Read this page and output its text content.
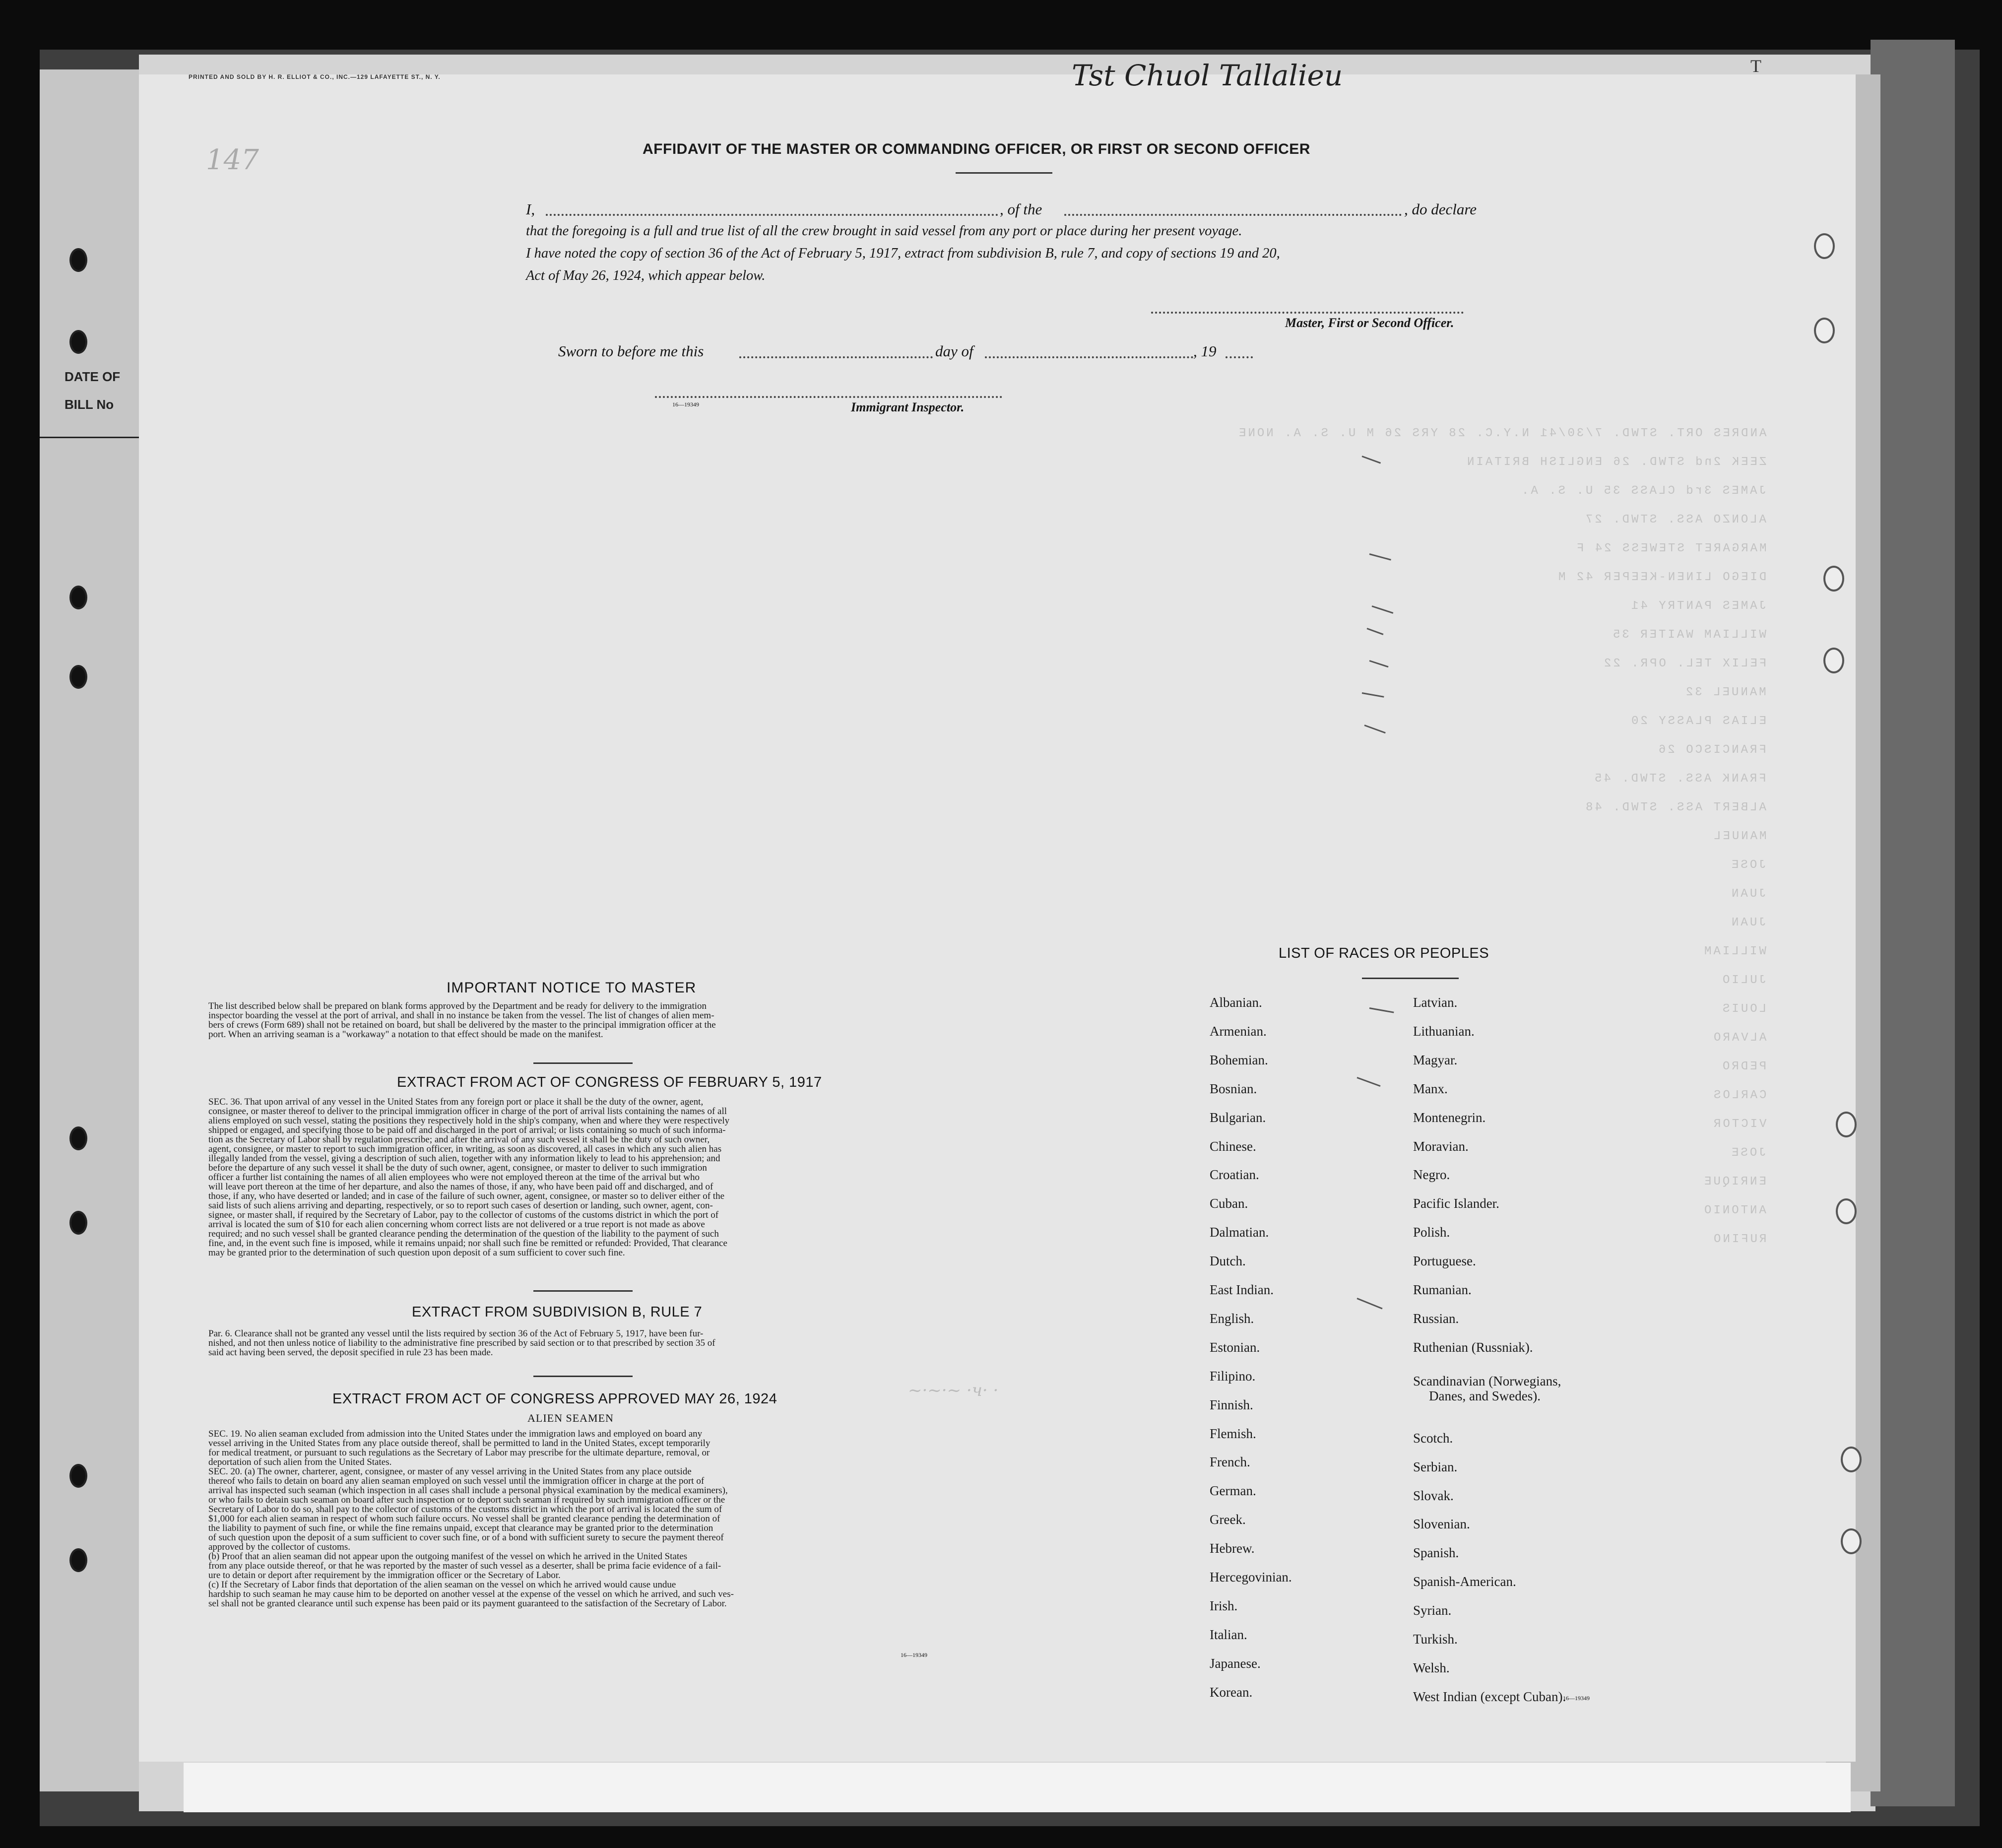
DATE OF
BILL No
ANDRES ORT. STWD. 7/30/41 N.Y.C. 28 YRS 26 M U. S. A. NONE
ZEEK 2nd STWD. 26 ENGLISH BRITAIN
JAMES 3rd CLASS 35 U. S. A.
ALONZO ASS. STWD. 27
MARGARET STEWESS 24 F
DIEGO LINEN-KEEPER 42 M
JAMES PANTRY 41
WILLIAM WAITER 35
FELIX TEL. OPR. 22
MANUEL 32
ELIAS PLASSY 20
FRANCISCO 26
FRANK ASS. STWD. 45
ALBERT ASS. STWD. 48
MANUEL
JOSE
JUAN
JUAN
WILLIAM
JULIO
LOUIS
ALVARO
PEDRO
CARLOS
VICTOR
JOSE
ENRIQUE
ANTONIO
RUFINO
PRINTED AND SOLD BY H. R. ELLIOT & CO., INC.—129 LAFAYETTE ST., N. Y.	Tst Chuol Tallalieu	T
147	AFFIDAVIT OF THE MASTER OR COMMANDING OFFICER, OR FIRST OR SECOND OFFICER
I,	, of the	, do declare
that the foregoing is a full and true list of all the crew brought in said vessel from any port or place during her present voyage.
I have noted the copy of section 36 of the Act of February 5, 1917, extract from subdivision B, rule 7, and copy of sections 19 and 20,
Act of May 26, 1924, which appear below.
Master, First or Second Officer.
Sworn to before me this	day of	, 19
16—19349	Immigrant Inspector.
IMPORTANT NOTICE TO MASTER
The list described below shall be prepared on blank forms approved by the Department and be ready for delivery to the immigration
inspector boarding the vessel at the port of arrival, and shall in no instance be taken from the vessel. The list of changes of alien mem-
bers of crews (Form 689) shall not be retained on board, but shall be delivered by the master to the principal immigration officer at the
port. When an arriving seaman is a "workaway" a notation to that effect should be made on the manifest.
EXTRACT FROM ACT OF CONGRESS OF FEBRUARY 5, 1917
SEC. 36. That upon arrival of any vessel in the United States from any foreign port or place it shall be the duty of the owner, agent,
consignee, or master thereof to deliver to the principal immigration officer in charge of the port of arrival lists containing the names of all
aliens employed on such vessel, stating the positions they respectively hold in the ship's company, when and where they were respectively
shipped or engaged, and specifying those to be paid off and discharged in the port of arrival; or lists containing so much of such informa-
tion as the Secretary of Labor shall by regulation prescribe; and after the arrival of any such vessel it shall be the duty of such owner,
agent, consignee, or master to report to such immigration officer, in writing, as soon as discovered, all cases in which any such alien has
illegally landed from the vessel, giving a description of such alien, together with any information likely to lead to his apprehension; and
before the departure of any such vessel it shall be the duty of such owner, agent, consignee, or master to deliver to such immigration
officer a further list containing the names of all alien employees who were not employed thereon at the time of the arrival but who
will leave port thereon at the time of her departure, and also the names of those, if any, who have been paid off and discharged, and of
those, if any, who have deserted or landed; and in case of the failure of such owner, agent, consignee, or master so to deliver either of the
said lists of such aliens arriving and departing, respectively, or so to report such cases of desertion or landing, such owner, agent, con-
signee, or master shall, if required by the Secretary of Labor, pay to the collector of customs of the customs district in which the port of
arrival is located the sum of $10 for each alien concerning whom correct lists are not delivered or a true report is not made as above
required; and no such vessel shall be granted clearance pending the determination of the question of the liability to the payment of such
fine, and, in the event such fine is imposed, while it remains unpaid; nor shall such fine be remitted or refunded: Provided, That clearance
may be granted prior to the determination of such question upon deposit of a sum sufficient to cover such fine.
EXTRACT FROM SUBDIVISION B, RULE 7
Par. 6. Clearance shall not be granted any vessel until the lists required by section 36 of the Act of February 5, 1917, have been fur-
nished, and not then unless notice of liability to the administrative fine prescribed by said section or to that prescribed by section 35 of
said act having been served, the deposit specified in rule 23 has been made.
EXTRACT FROM ACT OF CONGRESS APPROVED MAY 26, 1924
ALIEN SEAMEN
SEC. 19. No alien seaman excluded from admission into the United States under the immigration laws and employed on board any
vessel arriving in the United States from any place outside thereof, shall be permitted to land in the United States, except temporarily
for medical treatment, or pursuant to such regulations as the Secretary of Labor may prescribe for the ultimate departure, removal, or
deportation of such alien from the United States.
SEC. 20. (a) The owner, charterer, agent, consignee, or master of any vessel arriving in the United States from any place outside
thereof who fails to detain on board any alien seaman employed on such vessel until the immigration officer in charge at the port of
arrival has inspected such seaman (which inspection in all cases shall include a personal physical examination by the medical examiners),
or who fails to detain such seaman on board after such inspection or to deport such seaman if required by such immigration officer or the
Secretary of Labor to do so, shall pay to the collector of customs of the customs district in which the port of arrival is located the sum of
$1,000 for each alien seaman in respect of whom such failure occurs. No vessel shall be granted clearance pending the determination of
the liability to payment of such fine, or while the fine remains unpaid, except that clearance may be granted prior to the determination
of such question upon the deposit of a sum sufficient to cover such fine, or of a bond with sufficient surety to secure the payment thereof
approved by the collector of customs.
(b) Proof that an alien seaman did not appear upon the outgoing manifest of the vessel on which he arrived in the United States
from any place outside thereof, or that he was reported by the master of such vessel as a deserter, shall be prima facie evidence of a fail-
ure to detain or deport after requirement by the immigration officer or the Secretary of Labor.
(c) If the Secretary of Labor finds that deportation of the alien seaman on the vessel on which he arrived would cause undue
hardship to such seaman he may cause him to be deported on another vessel at the expense of the vessel on which he arrived, and such ves-
sel shall not be granted clearance until such expense has been paid or its payment guaranteed to the satisfaction of the Secretary of Labor.
16—19349
~·~·~ ·ч· ·
LIST OF RACES OR PEOPLES
Albanian.
Armenian.
Bohemian.
Bosnian.
Bulgarian.
Chinese.
Croatian.
Cuban.
Dalmatian.
Dutch.
East Indian.
English.
Estonian.
Filipino.
Finnish.
Flemish.
French.
German.
Greek.
Hebrew.
Hercegovinian.
Irish.
Italian.
Japanese.
Korean.
Latvian.
Lithuanian.
Magyar.
Manx.
Montenegrin.
Moravian.
Negro.
Pacific Islander.
Polish.
Portuguese.
Rumanian.
Russian.
Ruthenian (Russniak).
Scandinavian (Norwegians,
Danes, and Swedes).
Scotch.
Serbian.
Slovak.
Slovenian.
Spanish.
Spanish-American.
Syrian.
Turkish.
Welsh.
West Indian (except Cuban).
16—19349
